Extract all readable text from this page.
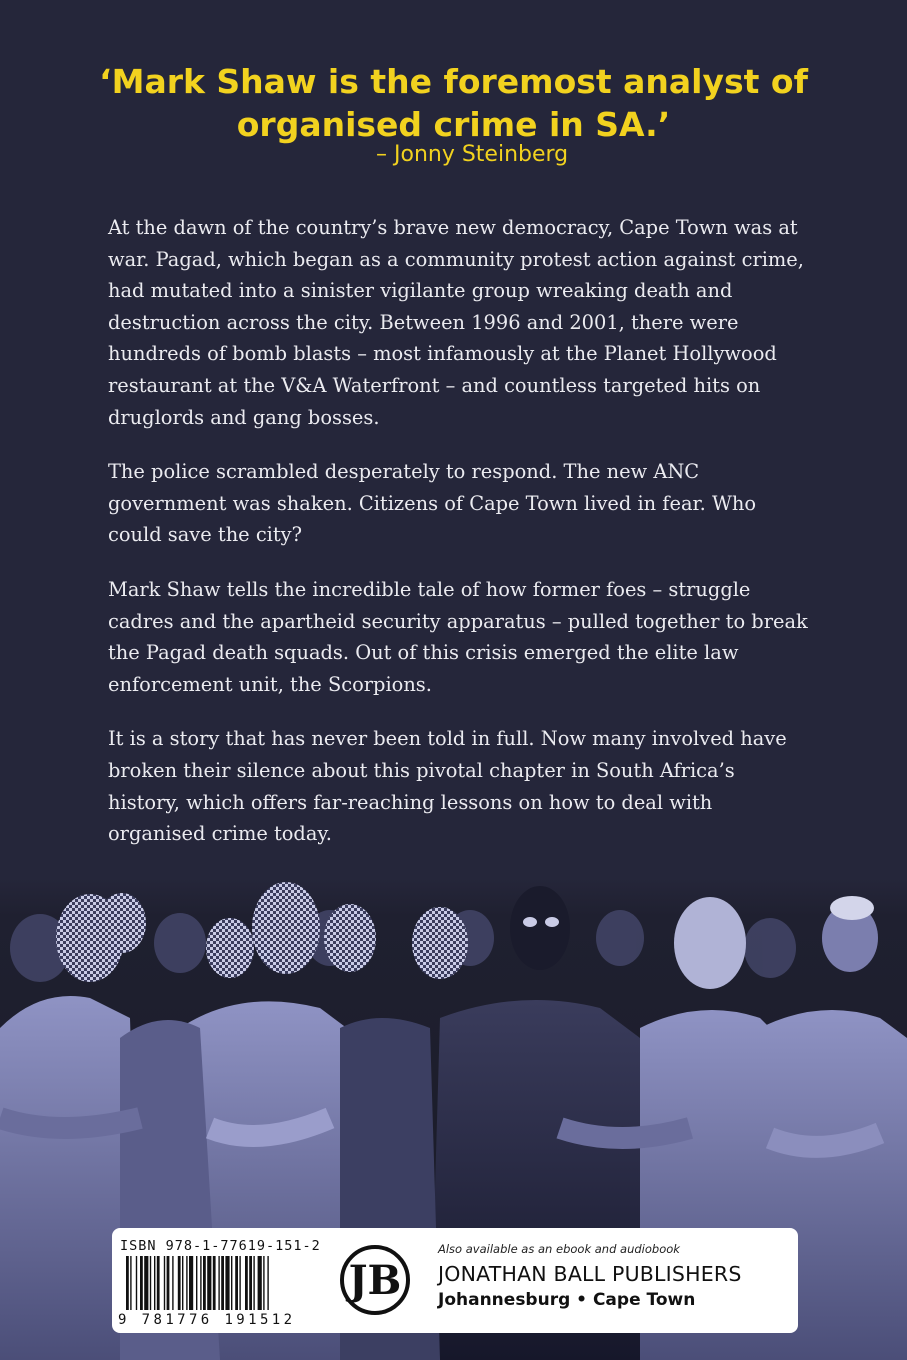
‘Mark Shaw is the foremost analyst of
organised crime in SA.’
– Jonny Steinberg

At the dawn of the country’s brave new democracy, Cape Town was at war. Pagad, which began as a community protest action against crime, had mutated into a sinister vigilante group wreaking death and destruction across the city. Between 1996 and 2001, there were hundreds of bomb blasts – most infamously at the Planet Hollywood restaurant at the V&A Waterfront – and countless targeted hits on druglords and gang bosses.

The police scrambled desperately to respond. The new ANC government was shaken. Citizens of Cape Town lived in fear. Who could save the city?

Mark Shaw tells the incredible tale of how former foes – struggle cadres and the apartheid security apparatus – pulled together to break the Pagad death squads. Out of this crisis emerged the elite law enforcement unit, the Scorpions.

It is a story that has never been told in full. Now many involved have broken their silence about this pivotal chapter in South Africa’s history, which offers far-reaching lessons on how to deal with organised crime today.

ISBN 978-1-77619-151-2
9 781776 191512
JB
Also available as an ebook and audiobook
JONATHAN BALL PUBLISHERS
Johannesburg • Cape Town
